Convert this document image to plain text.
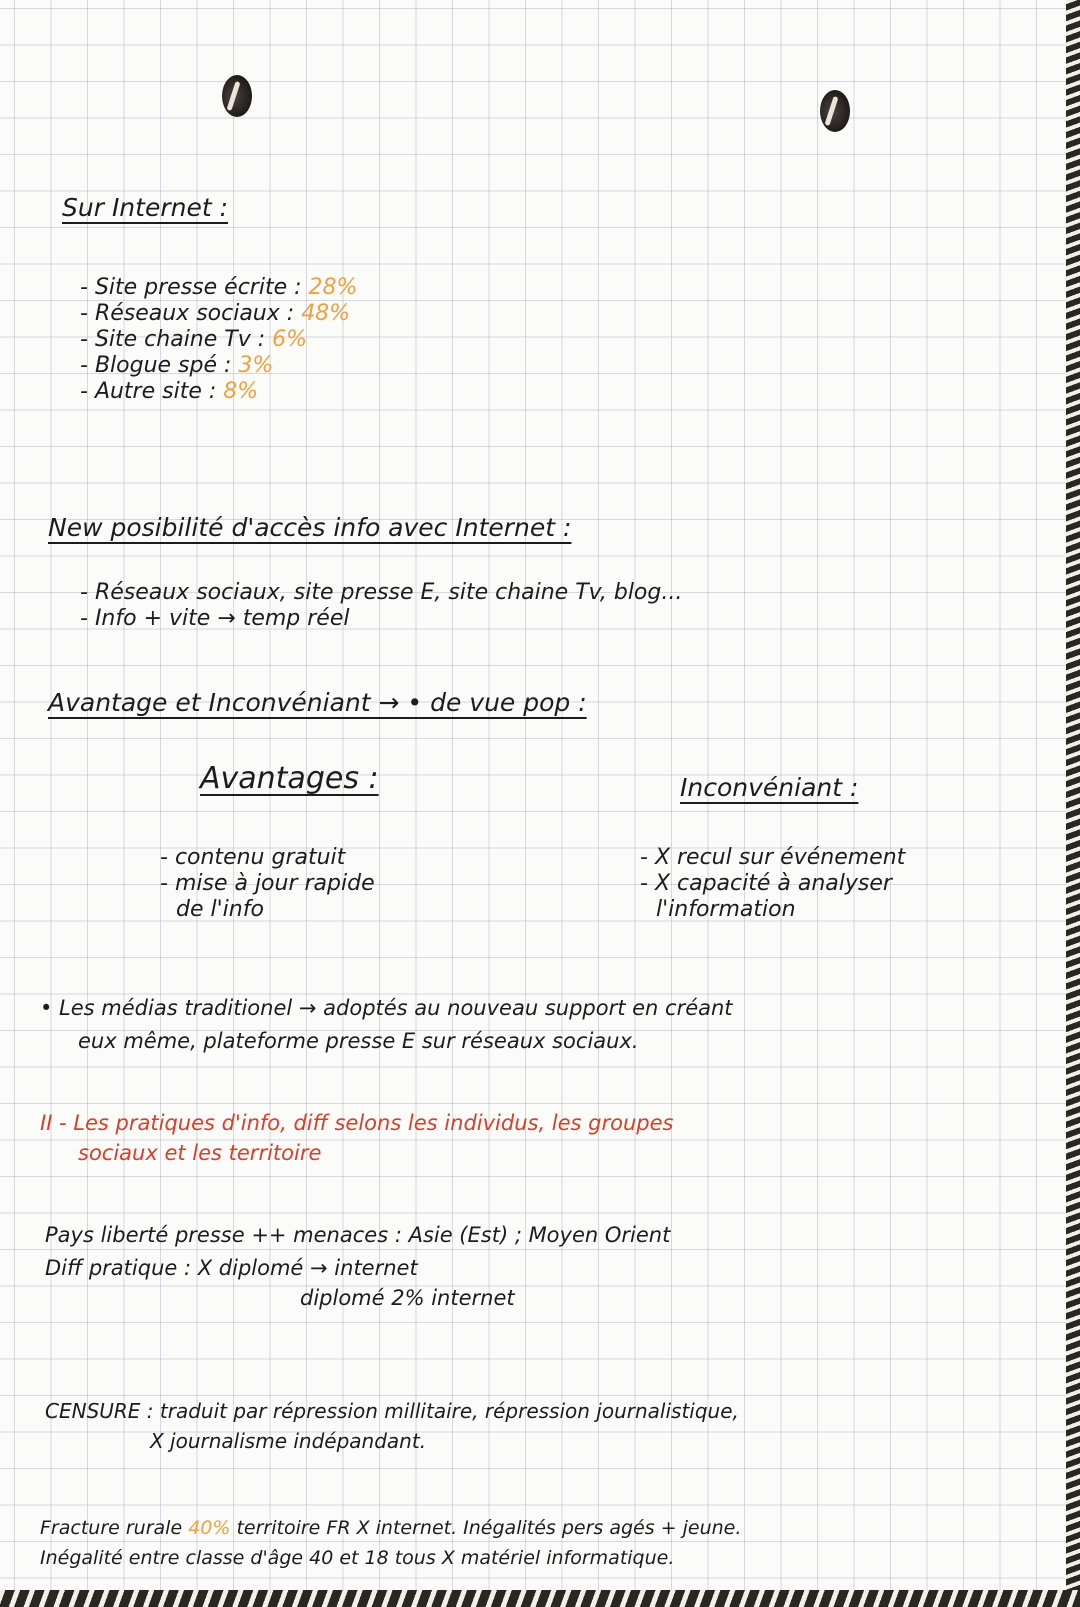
Sur Internet :
- Site presse écrite : 28%
- Réseaux sociaux : 48%
- Site chaine Tv : 6%
- Blogue spé : 3%
- Autre site : 8%
New posibilité d'accès info avec Internet :
- Réseaux sociaux, site presse E, site chaine Tv, blog...
- Info + vite → temp réel
Avantage et Inconvéniant → • de vue pop :
Avantages :
- contenu gratuit
- mise à jour rapide
de l'info
Inconvéniant :
- X recul sur événement
- X capacité à analyser
l'information
• Les médias traditionel → adoptés au nouveau support en créant
eux même, plateforme presse E sur réseaux sociaux.
II - Les pratiques d'info, diff selons les individus, les groupes
sociaux et les territoire
Pays liberté presse ++ menaces : Asie (Est) ; Moyen Orient
Diff pratique : X diplomé → internet
diplomé 2% internet
CENSURE : traduit par répression millitaire, répression journalistique,
X journalisme indépandant.
Fracture rurale 40% territoire FR X internet. Inégalités pers agés + jeune.
Inégalité entre classe d'âge 40 et 18 tous X matériel informatique.
